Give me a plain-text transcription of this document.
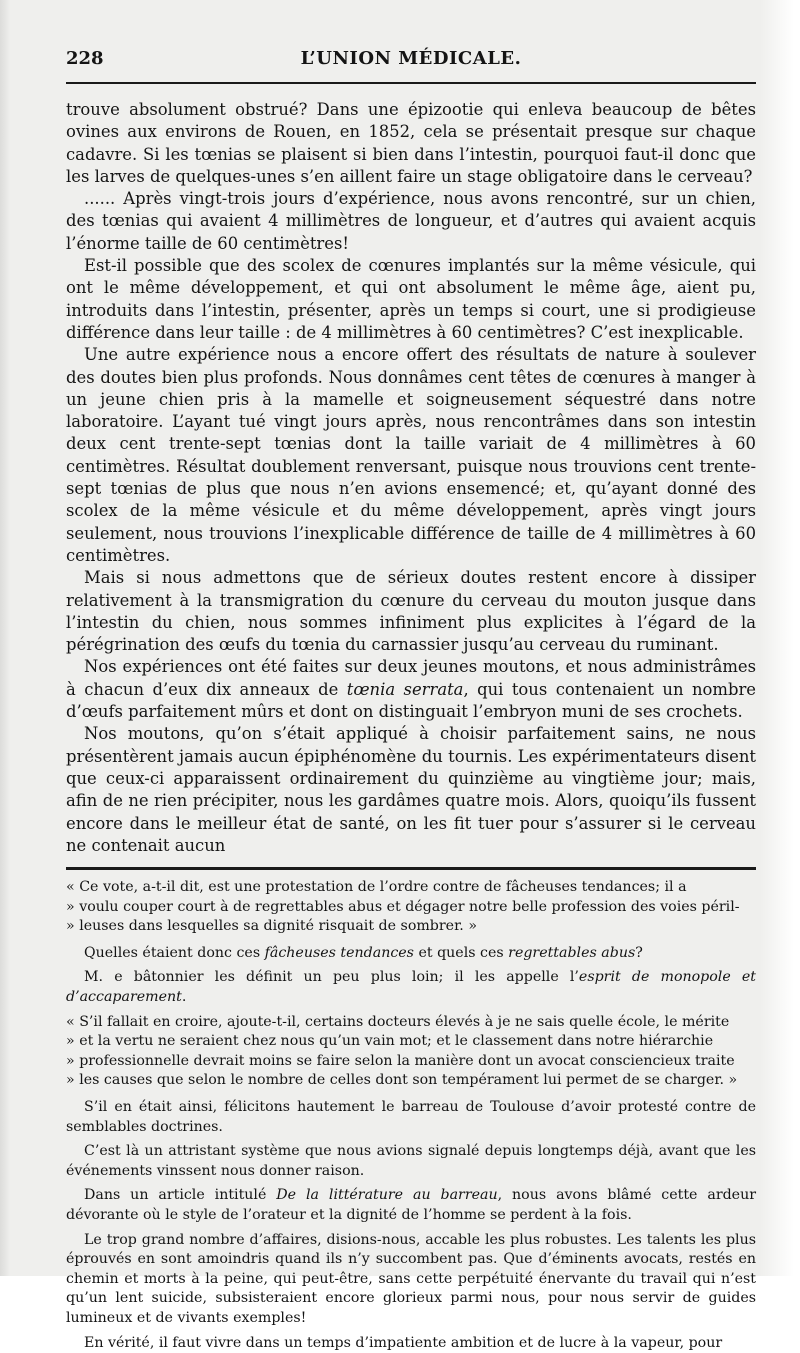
228	L’UNION MÉDICALE.

trouve absolument obstrué? Dans une épizootie qui enleva beaucoup de bêtes ovines aux environs de Rouen, en 1852, cela se présentait presque sur chaque cadavre. Si les tœnias se plaisent si bien dans l’intestin, pourquoi faut-il donc que les larves de quelques-unes s’en aillent faire un stage obligatoire dans le cerveau?

...... Après vingt-trois jours d’expérience, nous avons rencontré, sur un chien, des tœnias qui avaient 4 millimètres de longueur, et d’autres qui avaient acquis l’énorme taille de 60 centimètres!

Est-il possible que des scolex de cœnures implantés sur la même vésicule, qui ont le même développement, et qui ont absolument le même âge, aient pu, introduits dans l’intestin, présenter, après un temps si court, une si prodigieuse différence dans leur taille : de 4 millimètres à 60 centimètres? C’est inexplicable.

Une autre expérience nous a encore offert des résultats de nature à soulever des doutes bien plus profonds. Nous donnâmes cent têtes de cœnures à manger à un jeune chien pris à la mamelle et soigneusement séquestré dans notre laboratoire. L’ayant tué vingt jours après, nous rencontrâmes dans son intestin deux cent trente-sept tœnias dont la taille variait de 4 millimètres à 60 centimètres. Résultat doublement renversant, puisque nous trouvions cent trente-sept tœnias de plus que nous n’en avions ensemencé; et, qu’ayant donné des scolex de la même vésicule et du même développement, après vingt jours seulement, nous trouvions l’inexplicable différence de taille de 4 millimètres à 60 centimètres.

Mais si nous admettons que de sérieux doutes restent encore à dissiper relativement à la transmigration du cœnure du cerveau du mouton jusque dans l’intestin du chien, nous sommes infiniment plus explicites à l’égard de la pérégrination des œufs du tœnia du carnassier jusqu’au cerveau du ruminant.

Nos expériences ont été faites sur deux jeunes moutons, et nous administrâmes à chacun d’eux dix anneaux de tœnia serrata, qui tous contenaient un nombre d’œufs parfaitement mûrs et dont on distinguait l’embryon muni de ses crochets.

Nos moutons, qu’on s’était appliqué à choisir parfaitement sains, ne nous présentèrent jamais aucun épiphénomène du tournis. Les expérimentateurs disent que ceux-ci apparaissent ordinairement du quinzième au vingtième jour; mais, afin de ne rien précipiter, nous les gardâmes quatre mois. Alors, quoiqu’ils fussent encore dans le meilleur état de santé, on les fit tuer pour s’assurer si le cerveau ne contenait aucun

« Ce vote, a-t-il dit, est une protestation de l’ordre contre de fâcheuses tendances; il a
» voulu couper court à de regrettables abus et dégager notre belle profession des voies péril-
» leuses dans lesquelles sa dignité risquait de sombrer. »

Quelles étaient donc ces fâcheuses tendances et quels ces regrettables abus?

M. e bâtonnier les définit un peu plus loin; il les appelle l’esprit de monopole et d’accaparement.

« S’il fallait en croire, ajoute-t-il, certains docteurs élevés à je ne sais quelle école, le mérite
» et la vertu ne seraient chez nous qu’un vain mot; et le classement dans notre hiérarchie
» professionnelle devrait moins se faire selon la manière dont un avocat consciencieux traite
» les causes que selon le nombre de celles dont son tempérament lui permet de se charger. »

S’il en était ainsi, félicitons hautement le barreau de Toulouse d’avoir protesté contre de semblables doctrines.

C’est là un attristant système que nous avions signalé depuis longtemps déjà, avant que les événements vinssent nous donner raison.

Dans un article intitulé De la littérature au barreau, nous avons blâmé cette ardeur dévorante où le style de l’orateur et la dignité de l’homme se perdent à la fois.

Le trop grand nombre d’affaires, disions-nous, accable les plus robustes. Les talents les plus éprouvés en sont amoindris quand ils n’y succombent pas. Que d’éminents avocats, restés en chemin et morts à la peine, qui peut-être, sans cette perpétuité énervante du travail qui n’est qu’un lent suicide, subsisteraient encore glorieux parmi nous, pour nous servir de guides lumineux et de vivants exemples!

En vérité, il faut vivre dans un temps d’impatiente ambition et de lucre à la vapeur, pour
